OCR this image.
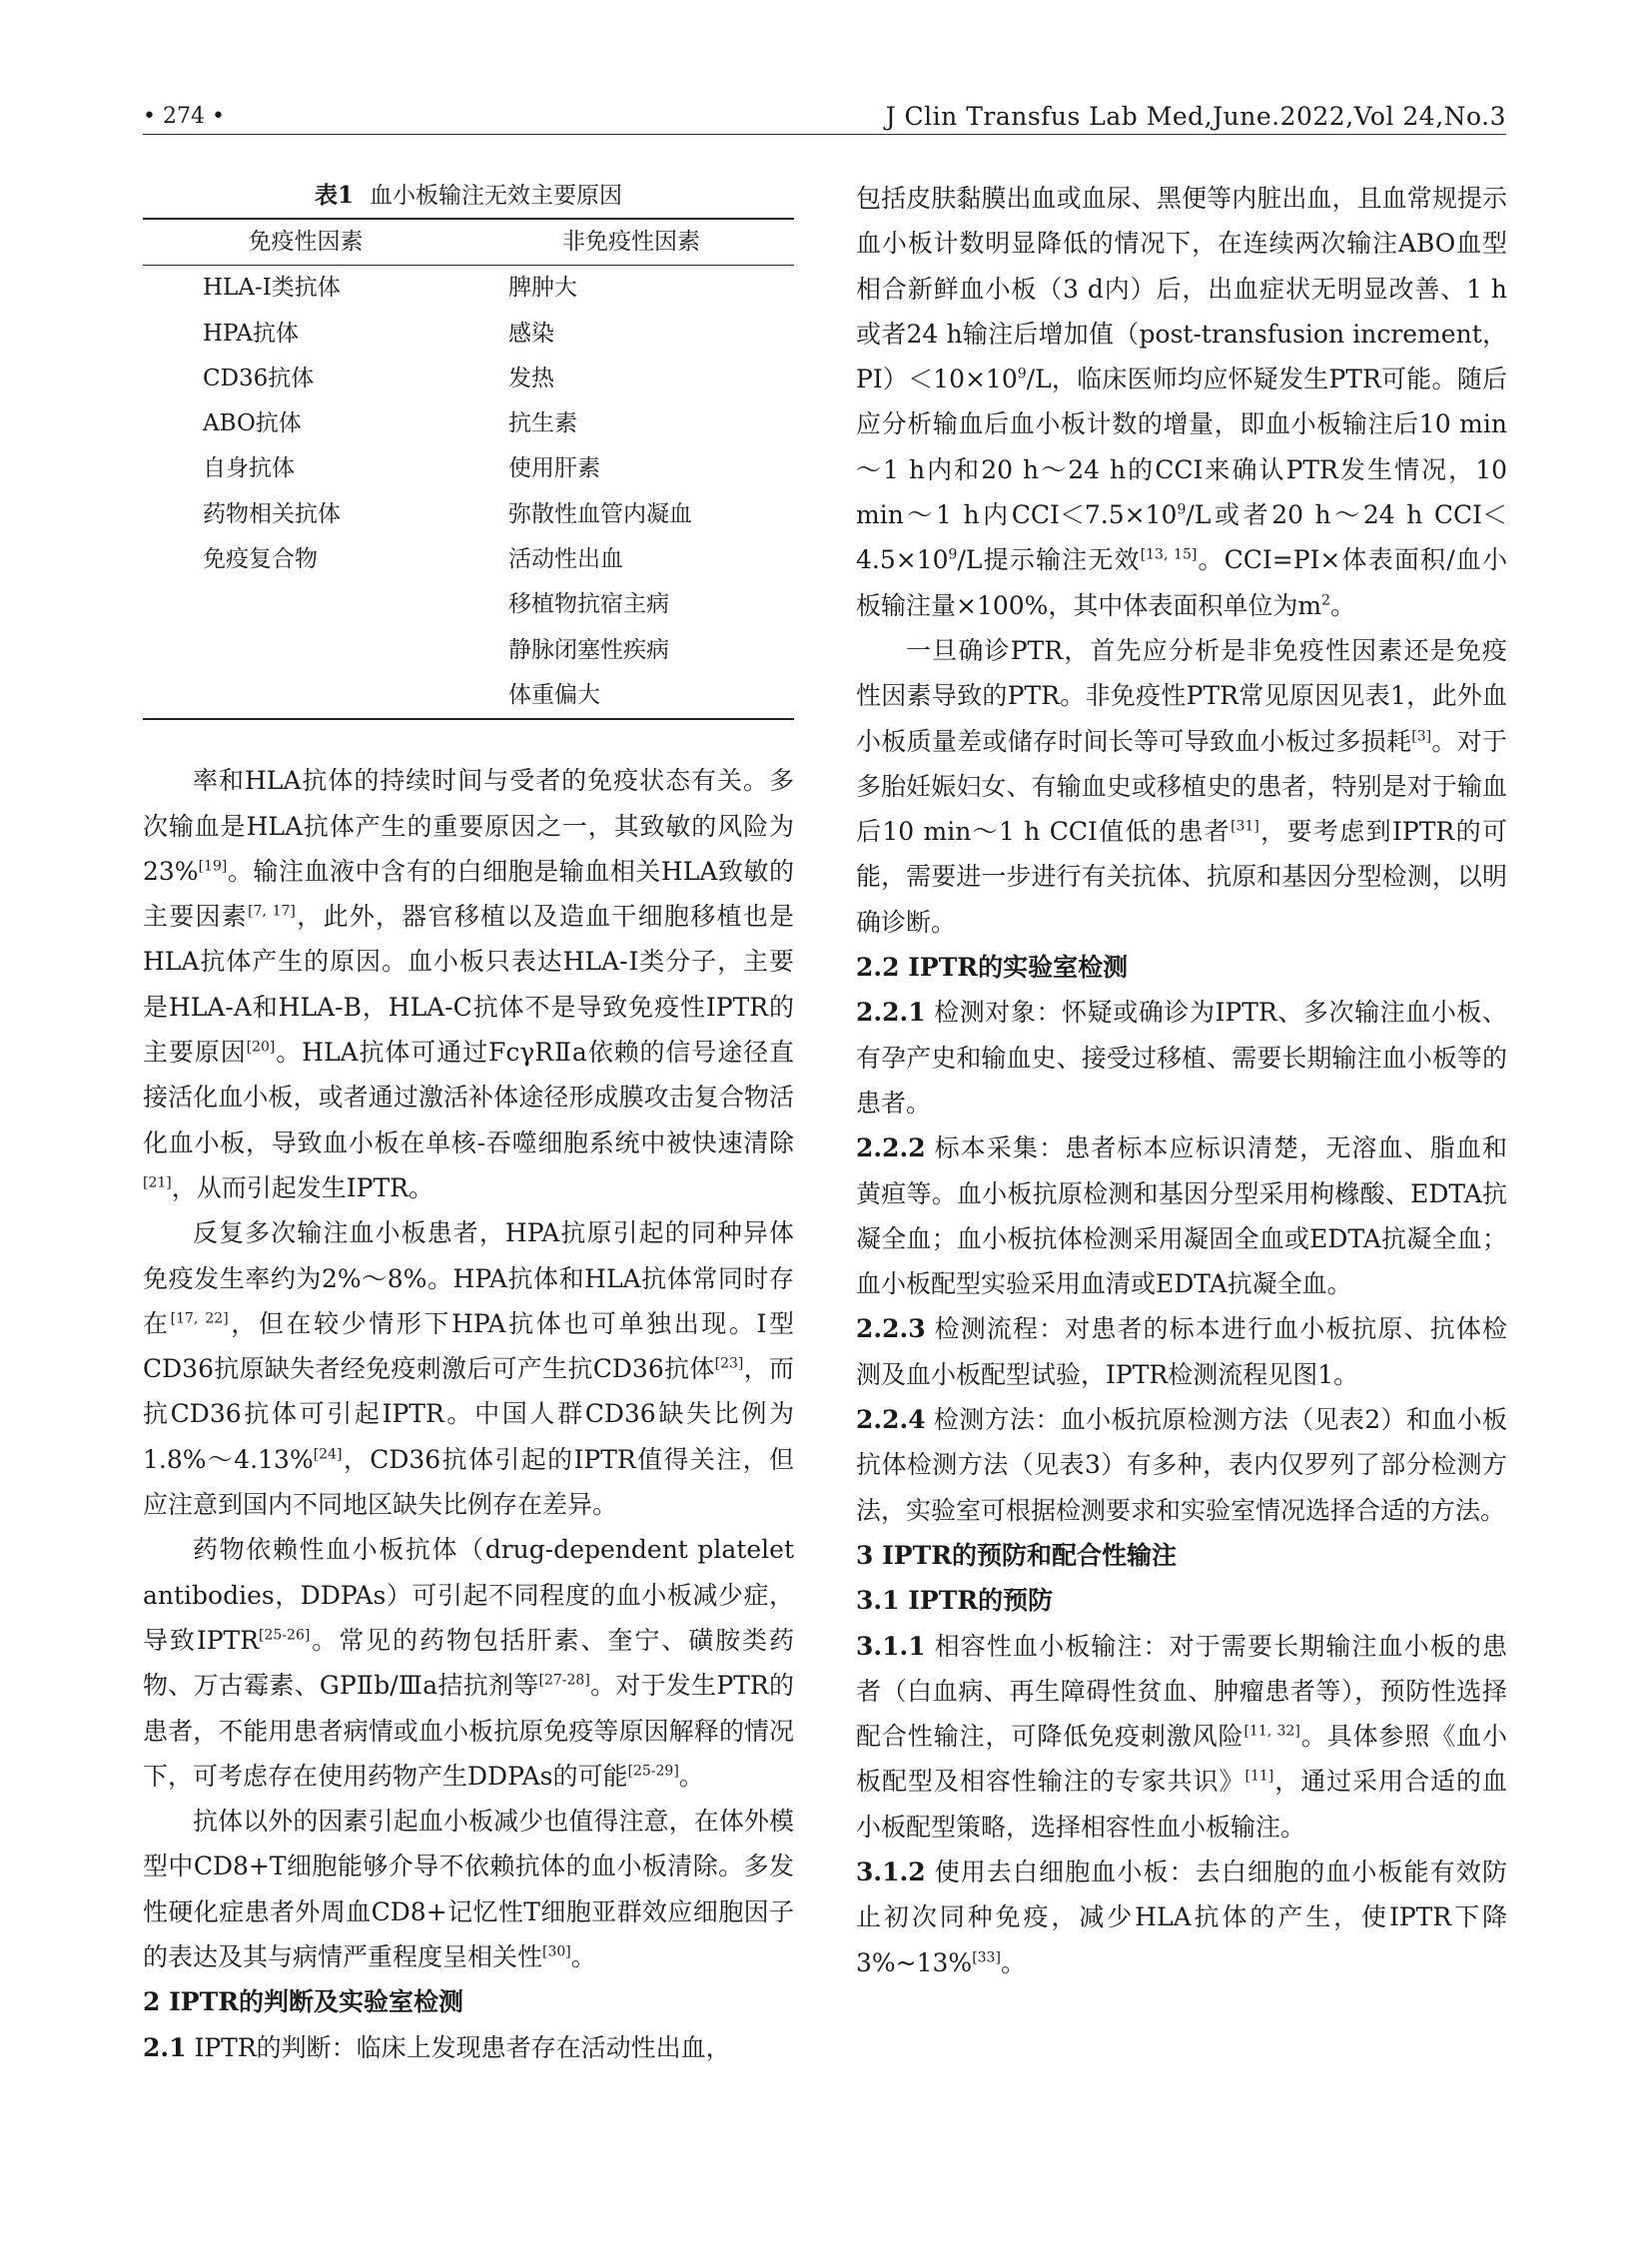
• 274 •	J Clin Transfus Lab Med,June.2022,Vol 24,No.3
表1 血小板输注无效主要原因
免疫性因素	非免疫性因素
HLA-Ⅰ类抗体	脾肿大
HPA抗体	感染
CD36抗体	发热
ABO抗体	抗生素
自身抗体	使用肝素
药物相关抗体	弥散性血管内凝血
免疫复合物	活动性出血
	移植物抗宿主病
	静脉闭塞性疾病
	体重偏大

率和HLA抗体的持续时间与受者的免疫状态有关。多次输血是HLA抗体产生的重要原因之一，其致敏的风险为23%[19]。输注血液中含有的白细胞是输血相关HLA致敏的主要因素[7, 17]，此外，器官移植以及造血干细胞移植也是HLA抗体产生的原因。血小板只表达HLA-Ⅰ类分子，主要是HLA-A和HLA-B，HLA-C抗体不是导致免疫性IPTR的主要原因[20]。HLA抗体可通过FcγRⅡa依赖的信号途径直接活化血小板，或者通过激活补体途径形成膜攻击复合物活化血小板，导致血小板在单核-吞噬细胞系统中被快速清除[21]，从而引起发生IPTR。

反复多次输注血小板患者，HPA抗原引起的同种异体免疫发生率约为2%～8%。HPA抗体和HLA抗体常同时存在[17, 22]，但在较少情形下HPA抗体也可单独出现。Ⅰ型CD36抗原缺失者经免疫刺激后可产生抗CD36抗体[23]，而抗CD36抗体可引起IPTR。中国人群CD36缺失比例为1.8%～4.13%[24]，CD36抗体引起的IPTR值得关注，但应注意到国内不同地区缺失比例存在差异。

药物依赖性血小板抗体（drug-dependent platelet antibodies，DDPAs）可引起不同程度的血小板减少症，导致IPTR[25-26]。常见的药物包括肝素、奎宁、磺胺类药物、万古霉素、GPⅡb/Ⅲa拮抗剂等[27-28]。对于发生PTR的患者，不能用患者病情或血小板抗原免疫等原因解释的情况下，可考虑存在使用药物产生DDPAs的可能[25-29]。

抗体以外的因素引起血小板减少也值得注意，在体外模型中CD8+T细胞能够介导不依赖抗体的血小板清除。多发性硬化症患者外周血CD8+记忆性T细胞亚群效应细胞因子的表达及其与病情严重程度呈相关性[30]。

2 IPTR的判断及实验室检测

2.1 IPTR的判断：临床上发现患者存在活动性出血，

包括皮肤黏膜出血或血尿、黑便等内脏出血，且血常规提示血小板计数明显降低的情况下，在连续两次输注ABO血型相合新鲜血小板（3 d内）后，出血症状无明显改善、1 h或者24 h输注后增加值（post-transfusion increment，$PI)<10\times 10^9/L$，临床医师均应怀疑发生PTR可能。随后应分析输血后血小板计数的增量，即血小板输注后10 min～1 h内和20 h～24 h的CCI来确认PTR发生情况，10 min～1 h内$CCI<7.5\times 10^9/L$或者20 h～24 h $CCI<4.5\times 10^9/L$提示输注无效[13, 15]。CCI=PI×体表面积/血小板输注量×100%，其中体表面积单位为$m^2$。

一旦确诊PTR，首先应分析是非免疫性因素还是免疫性因素导致的PTR。非免疫性PTR常见原因见表1，此外血小板质量差或储存时间长等可导致血小板过多损耗[3]。对于多胎妊娠妇女、有输血史或移植史的患者，特别是对于输血后10 min～1 h CCI值低的患者[31]，要考虑到IPTR的可能，需要进一步进行有关抗体、抗原和基因分型检测，以明确诊断。

2.2 IPTR的实验室检测

2.2.1 检测对象：怀疑或确诊为IPTR、多次输注血小板、有孕产史和输血史、接受过移植、需要长期输注血小板等的患者。

2.2.2 标本采集：患者标本应标识清楚，无溶血、脂血和黄疸等。血小板抗原检测和基因分型采用枸橼酸、EDTA抗凝全血；血小板抗体检测采用凝固全血或EDTA抗凝全血；血小板配型实验采用血清或EDTA抗凝全血。

2.2.3 检测流程：对患者的标本进行血小板抗原、抗体检测及血小板配型试验，IPTR检测流程见图1。

2.2.4 检测方法：血小板抗原检测方法（见表2）和血小板抗体检测方法（见表3）有多种，表内仅罗列了部分检测方法，实验室可根据检测要求和实验室情况选择合适的方法。

3 IPTR的预防和配合性输注

3.1 IPTR的预防

3.1.1 相容性血小板输注：对于需要长期输注血小板的患者（白血病、再生障碍性贫血、肿瘤患者等），预防性选择配合性输注，可降低免疫刺激风险[11, 32]。具体参照《血小板配型及相容性输注的专家共识》[11]，通过采用合适的血小板配型策略，选择相容性血小板输注。

3.1.2 使用去白细胞血小板：去白细胞的血小板能有效防止初次同种免疫，减少HLA抗体的产生，使IPTR下降3%~13%[33]。
